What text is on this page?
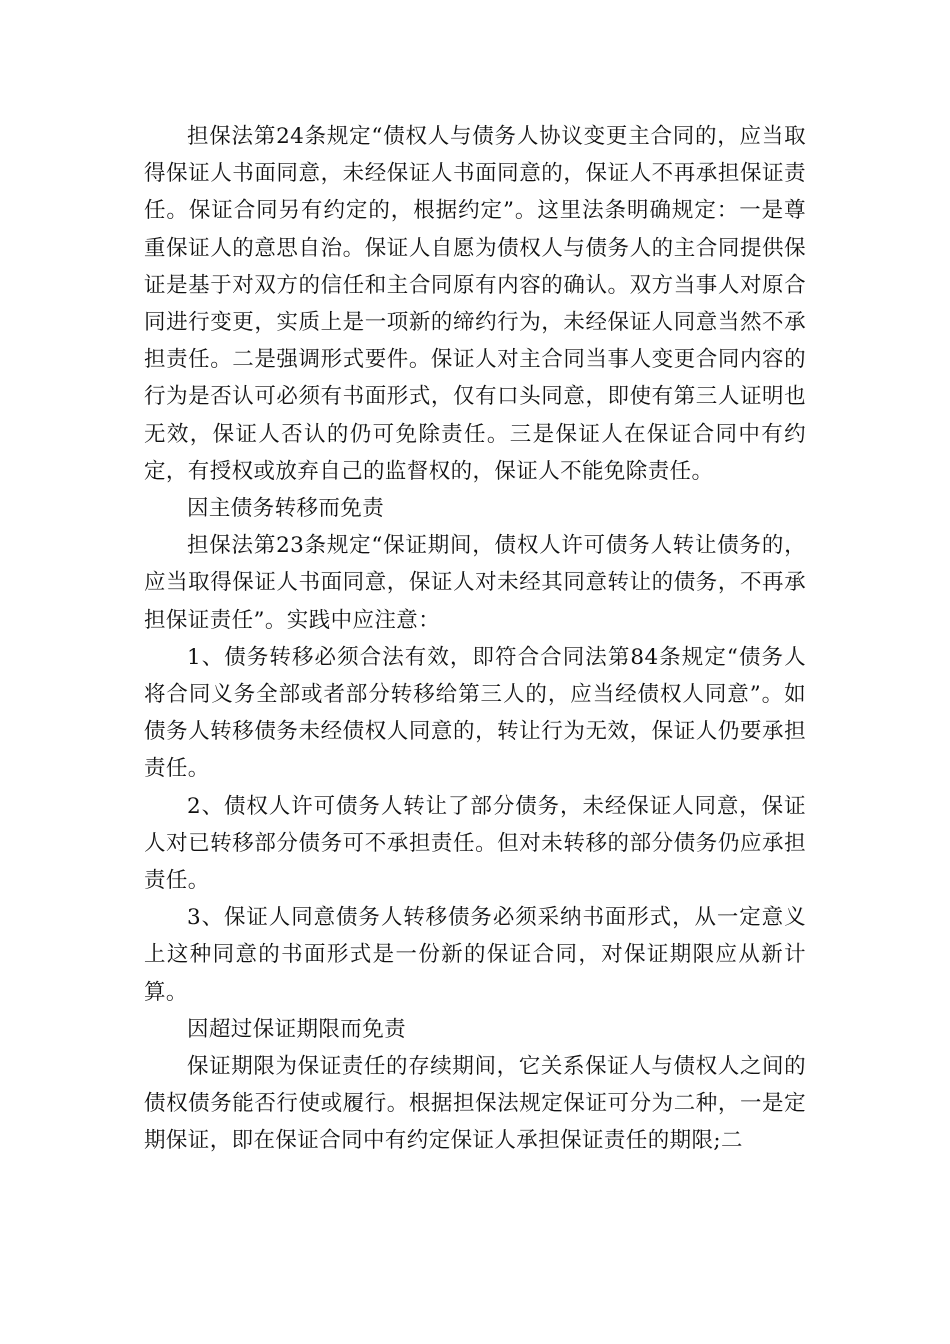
担保法第24条规定“债权人与债务人协议变更主合同的，应当取得保证人书面同意，未经保证人书面同意的，保证人不再承担保证责任。保证合同另有约定的，根据约定”。这里法条明确规定：一是尊重保证人的意思自治。保证人自愿为债权人与债务人的主合同提供保证是基于对双方的信任和主合同原有内容的确认。双方当事人对原合同进行变更，实质上是一项新的缔约行为，未经保证人同意当然不承担责任。二是强调形式要件。保证人对主合同当事人变更合同内容的行为是否认可必须有书面形式，仅有口头同意，即使有第三人证明也无效，保证人否认的仍可免除责任。三是保证人在保证合同中有约定，有授权或放弃自己的监督权的，保证人不能免除责任。

因主债务转移而免责

担保法第23条规定“保证期间，债权人许可债务人转让债务的，应当取得保证人书面同意，保证人对未经其同意转让的债务，不再承担保证责任”。实践中应注意：

1、债务转移必须合法有效，即符合合同法第84条规定“债务人将合同义务全部或者部分转移给第三人的，应当经债权人同意”。如债务人转移债务未经债权人同意的，转让行为无效，保证人仍要承担责任。

2、债权人许可债务人转让了部分债务，未经保证人同意，保证人对已转移部分债务可不承担责任。但对未转移的部分债务仍应承担责任。

3、保证人同意债务人转移债务必须采纳书面形式，从一定意义上这种同意的书面形式是一份新的保证合同，对保证期限应从新计算。

因超过保证期限而免责

保证期限为保证责任的存续期间，它关系保证人与债权人之间的债权债务能否行使或履行。根据担保法规定保证可分为二种，一是定期保证，即在保证合同中有约定保证人承担保证责任的期限;二
